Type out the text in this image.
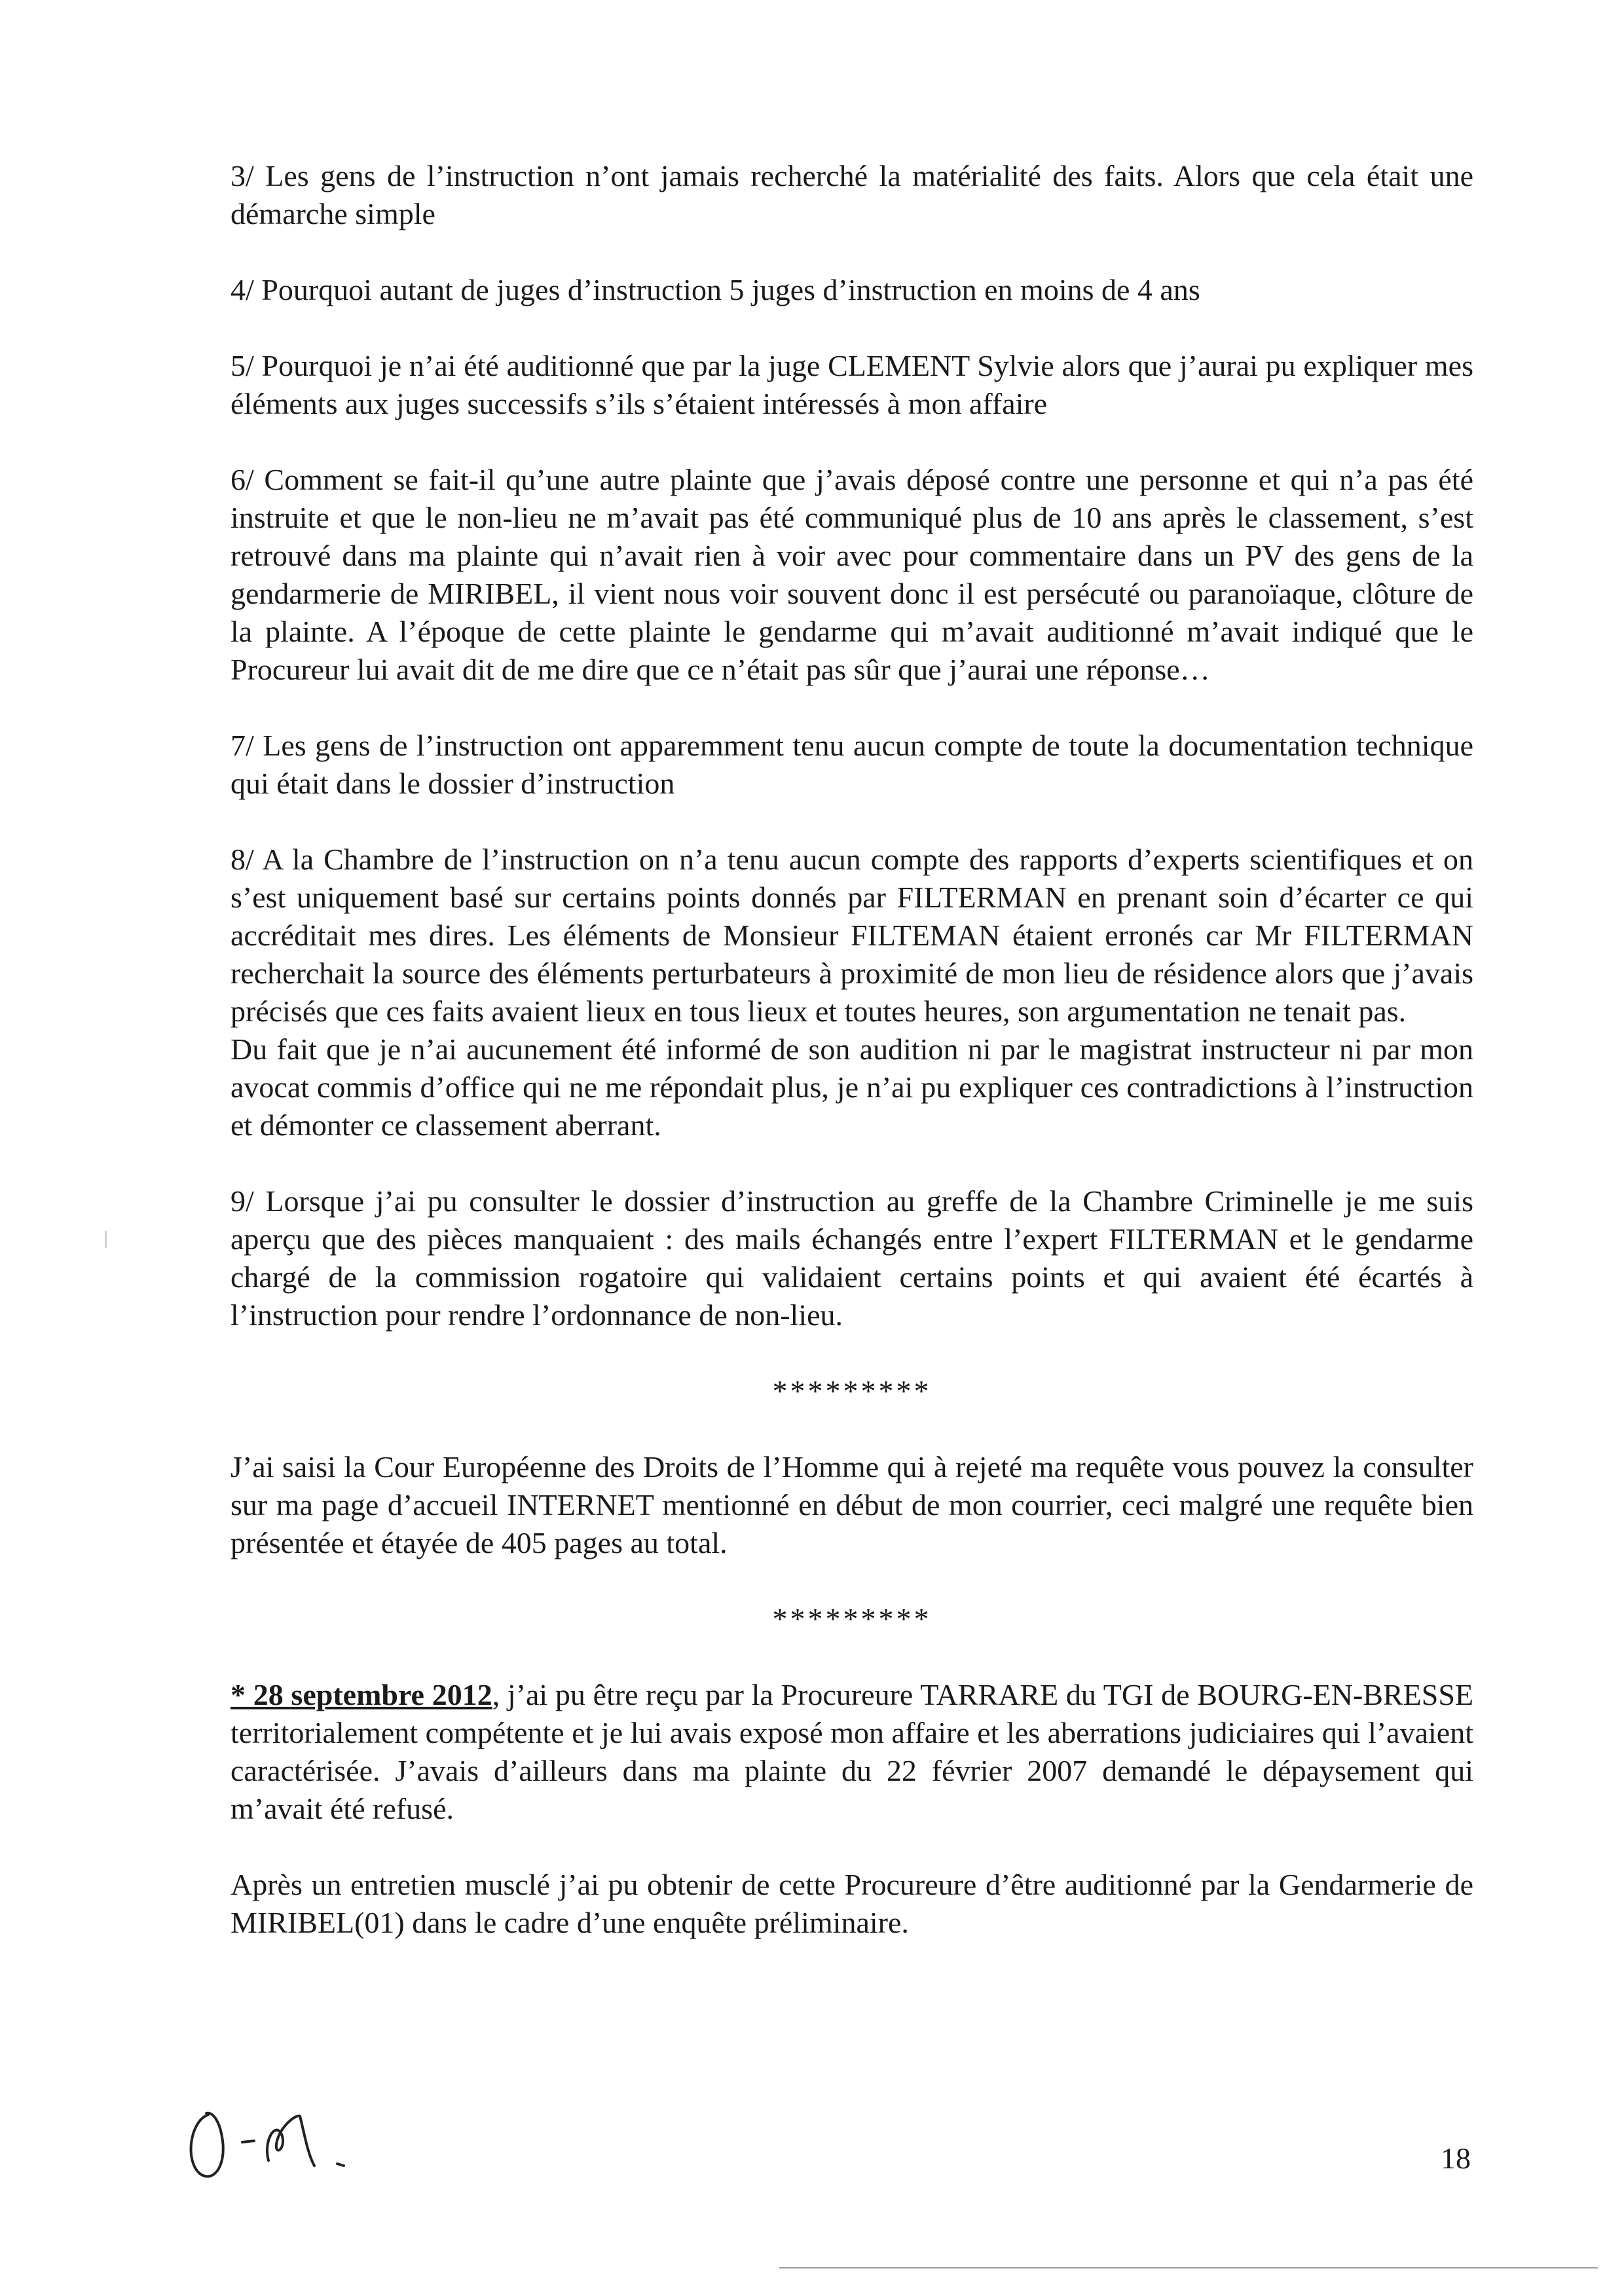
3/ Les gens de l’instruction n’ont jamais recherché la matérialité des faits. Alors que cela était une démarche simple

4/ Pourquoi autant de juges d’instruction 5 juges d’instruction en moins de 4 ans

5/ Pourquoi je n’ai été auditionné que par la juge CLEMENT Sylvie alors que j’aurai pu expliquer mes éléments aux juges successifs s’ils s’étaient intéressés à mon affaire

6/ Comment se fait-il qu’une autre plainte que j’avais déposé contre une personne et qui n’a pas été instruite et que le non-lieu ne m’avait pas été communiqué plus de 10 ans après le classement, s’est retrouvé dans ma plainte qui n’avait rien à voir avec pour commentaire dans un PV des gens de la gendarmerie de MIRIBEL, il vient nous voir souvent donc il est persécuté ou paranoïaque, clôture de la plainte. A l’époque de cette plainte le gendarme qui m’avait auditionné m’avait indiqué que le Procureur lui avait dit de me dire que ce n’était pas sûr que j’aurai une réponse…

7/ Les gens de l’instruction ont apparemment tenu aucun compte de toute la documentation technique qui était dans le dossier d’instruction

8/ A la Chambre de l’instruction on n’a tenu aucun compte des rapports d’experts scientifiques et on s’est uniquement basé sur certains points donnés par FILTERMAN en prenant soin d’écarter ce qui accréditait mes dires. Les éléments de Monsieur FILTEMAN étaient erronés car Mr FILTERMAN recherchait la source des éléments perturbateurs à proximité de mon lieu de résidence alors que j’avais précisés que ces faits avaient lieux en tous lieux et toutes heures, son argumentation ne tenait pas.

Du fait que je n’ai aucunement été informé de son audition ni par le magistrat instructeur ni par mon avocat commis d’office qui ne me répondait plus, je n’ai pu expliquer ces contradictions à l’instruction et démonter ce classement aberrant.

9/ Lorsque j’ai pu consulter le dossier d’instruction au greffe de la Chambre Criminelle je me suis aperçu que des pièces manquaient : des mails échangés entre l’expert FILTERMAN et le gendarme chargé de la commission rogatoire qui validaient certains points et qui avaient été écartés à l’instruction pour rendre l’ordonnance de non-lieu.

*********

J’ai saisi la Cour Européenne des Droits de l’Homme qui à rejeté ma requête vous pouvez la consulter sur ma page d’accueil INTERNET mentionné en début de mon courrier, ceci malgré une requête bien présentée et étayée de 405 pages au total.

*********

* 28 septembre 2012, j’ai pu être reçu par la Procureure TARRARE du TGI de BOURG-EN-BRESSE territorialement compétente et je lui avais exposé mon affaire et les aberrations judiciaires qui l’avaient caractérisée. J’avais d’ailleurs dans ma plainte du 22 février 2007 demandé le dépaysement qui m’avait été refusé.

Après un entretien musclé j’ai pu obtenir de cette Procureure d’être auditionné par la Gendarmerie de MIRIBEL(01) dans le cadre d’une enquête préliminaire.

18
